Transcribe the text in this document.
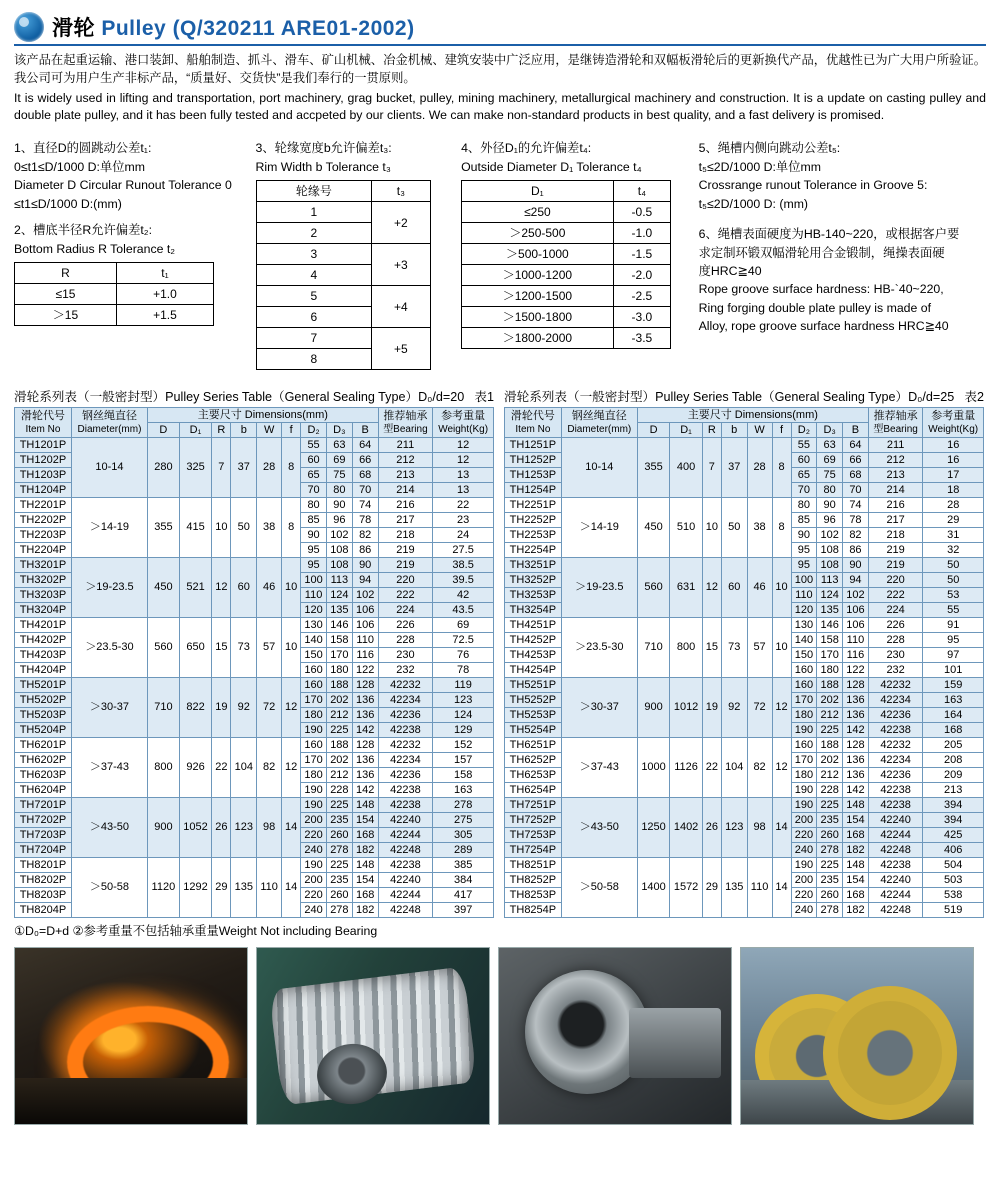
滑轮 Pulley (Q/320211 ARE01-2002)

该产品在起重运输、港口装卸、船舶制造、抓斗、滑车、矿山机械、冶金机械、建筑安装中广泛应用，是继铸造滑轮和双幅板滑轮后的更新换代产品，优越性已为广大用户所验证。我公司可为用户生产非标产品，“质量好、交货快”是我们奉行的一贯原则。

It is widely used in lifting and transportation, port machinery, grag bucket, pulley, mining machinery, metallurgical machinery and construction. It is a update on casting pulley and double plate pulley, and it has been fully tested and accpeted by our clients. We can make non-standard products in best quality, and a fast delivery is promised.

1、直径D的圆跳动公差t₁:
0≤t1≤D/1000 D:单位mm
Diameter D Circular Runout Tolerance 0
≤t1≤D/1000 D:(mm)
2、槽底半径R允许偏差t₂:
Bottom Radius R Tolerance t₂
R	t₁
≤15	+1.0
＞15	+1.5
3、轮缘宽度b允许偏差t₃:
Rim Width b Tolerance t₃
轮缘号	t₃
1	+2
2	
3	+3
4	
5	+4
6	
7	+5
8	
4、外径D₁的允许偏差t₄:
Outside Diameter D₁ Tolerance t₄
D₁	t₄
≤250	-0.5
＞250-500	-1.0
＞500-1000	-1.5
＞1000-1200	-2.0
＞1200-1500	-2.5
＞1500-1800	-3.0
＞1800-2000	-3.5
5、绳槽内侧向跳动公差t₅:
t₅≤2D/1000 D:单位mm
Crossrange runout Tolerance in Groove 5:
t₅≤2D/1000 D: (mm)
6、绳槽表面硬度为HB-140~220，或根据客户要
求定制环锻双幅滑轮用合金锻制，绳操表面硬
度HRC≧40
Rope groove surface hardness: HB-`40~220,
Ring forging double plate pulley is made of
Alloy, rope groove surface hardness HRC≧40
表1
滑轮系列表（一般密封型）Pulley Series Table（General Sealing Type）D₀/d=20
滑轮代号
Item No	钢丝绳直径
Diameter(mm)	主要尺寸 Dimensions(mm)									推荐轴承
型Bearing	参考重量
Weight(Kg)
		D	D₁	R	b	W	f	D₂	D₃	B		
TH1201P	10-14	280	325	7	37	28	8	55	63	64	211	12
TH1202P								60	69	66	212	12
TH1203P								65	75	68	213	13
TH1204P								70	80	70	214	13
TH2201P	＞14-19	355	415	10	50	38	8	80	90	74	216	22
TH2202P								85	96	78	217	23
TH2203P								90	102	82	218	24
TH2204P								95	108	86	219	27.5
TH3201P	＞19-23.5	450	521	12	60	46	10	95	108	90	219	38.5
TH3202P								100	113	94	220	39.5
TH3203P								110	124	102	222	42
TH3204P								120	135	106	224	43.5
TH4201P	＞23.5-30	560	650	15	73	57	10	130	146	106	226	69
TH4202P								140	158	110	228	72.5
TH4203P								150	170	116	230	76
TH4204P								160	180	122	232	78
TH5201P	＞30-37	710	822	19	92	72	12	160	188	128	42232	119
TH5202P								170	202	136	42234	123
TH5203P								180	212	136	42236	124
TH5204P								190	225	142	42238	129
TH6201P	＞37-43	800	926	22	104	82	12	160	188	128	42232	152
TH6202P								170	202	136	42234	157
TH6203P								180	212	136	42236	158
TH6204P								190	228	142	42238	163
TH7201P	＞43-50	900	1052	26	123	98	14	190	225	148	42238	278
TH7202P								200	235	154	42240	275
TH7203P								220	260	168	42244	305
TH7204P								240	278	182	42248	289
TH8201P	＞50-58	1120	1292	29	135	110	14	190	225	148	42238	385
TH8202P								200	235	154	42240	384
TH8203P								220	260	168	42244	417
TH8204P								240	278	182	42248	397
表2
滑轮系列表（一般密封型）Pulley Series Table（General Sealing Type）D₀/d=25
滑轮代号
Item No	钢丝绳直径
Diameter(mm)	主要尺寸 Dimensions(mm)									推荐轴承
型Bearing	参考重量
Weight(Kg)
		D	D₁	R	b	W	f	D₂	D₃	B		
TH1251P	10-14	355	400	7	37	28	8	55	63	64	211	16
TH1252P								60	69	66	212	16
TH1253P								65	75	68	213	17
TH1254P								70	80	70	214	18
TH2251P	＞14-19	450	510	10	50	38	8	80	90	74	216	28
TH2252P								85	96	78	217	29
TH2253P								90	102	82	218	31
TH2254P								95	108	86	219	32
TH3251P	＞19-23.5	560	631	12	60	46	10	95	108	90	219	50
TH3252P								100	113	94	220	50
TH3253P								110	124	102	222	53
TH3254P								120	135	106	224	55
TH4251P	＞23.5-30	710	800	15	73	57	10	130	146	106	226	91
TH4252P								140	158	110	228	95
TH4253P								150	170	116	230	97
TH4254P								160	180	122	232	101
TH5251P	＞30-37	900	1012	19	92	72	12	160	188	128	42232	159
TH5252P								170	202	136	42234	163
TH5253P								180	212	136	42236	164
TH5254P								190	225	142	42238	168
TH6251P	＞37-43	1000	1126	22	104	82	12	160	188	128	42232	205
TH6252P								170	202	136	42234	208
TH6253P								180	212	136	42236	209
TH6254P								190	228	142	42238	213
TH7251P	＞43-50	1250	1402	26	123	98	14	190	225	148	42238	394
TH7252P								200	235	154	42240	394
TH7253P								220	260	168	42244	425
TH7254P								240	278	182	42248	406
TH8251P	＞50-58	1400	1572	29	135	110	14	190	225	148	42238	504
TH8252P								200	235	154	42240	503
TH8253P								220	260	168	42244	538
TH8254P								240	278	182	42248	519
①D₀=D+d ②参考重量不包括轴承重量Weight Not including Bearing
